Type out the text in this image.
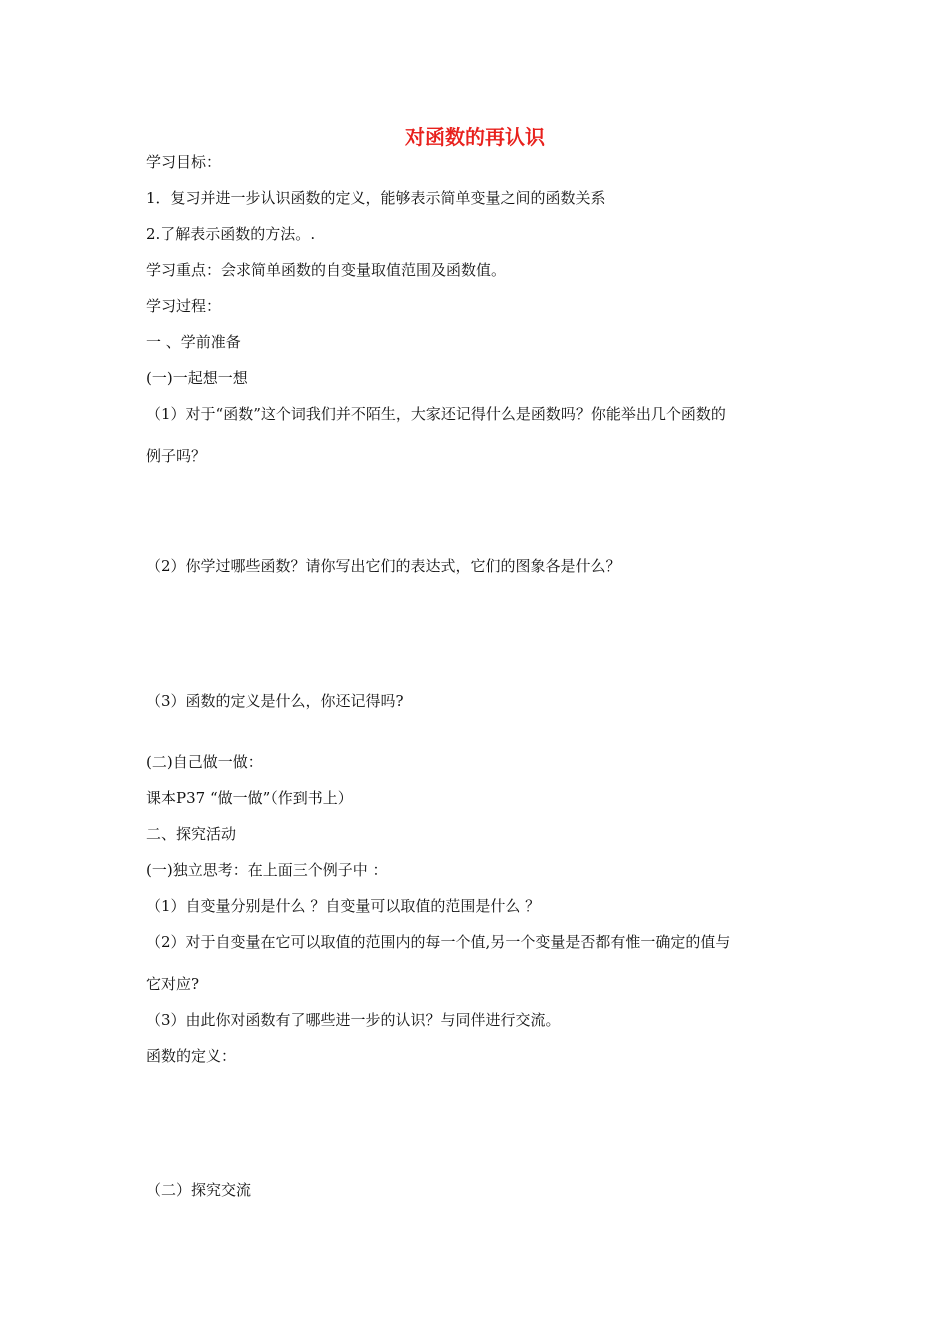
对函数的再认识
学习目标：
1．复习并进一步认识函数的定义，能够表示简单变量之间的函数关系
2.了解表示函数的方法。.
学习重点：会求简单函数的自变量取值范围及函数值。
学习过程：
一 、学前准备
(一)一起想一想
（1）对于“函数”这个词我们并不陌生，大家还记得什么是函数吗？你能举出几个函数的
例子吗？
（2）你学过哪些函数？请你写出它们的表达式，它们的图象各是什么？
（3）函数的定义是什么，你还记得吗?
(二)自己做一做：
课本P37 “做一做”（作到书上）
二、探究活动
(一)独立思考：在上面三个例子中 ：
（1）自变量分别是什么 ？自变量可以取值的范围是什么 ？
（2）对于自变量在它可以取值的范围内的每一个值,另一个变量是否都有惟一确定的值与
它对应?
（3）由此你对函数有了哪些进一步的认识？与同伴进行交流。
函数的定义：
（二）探究交流
